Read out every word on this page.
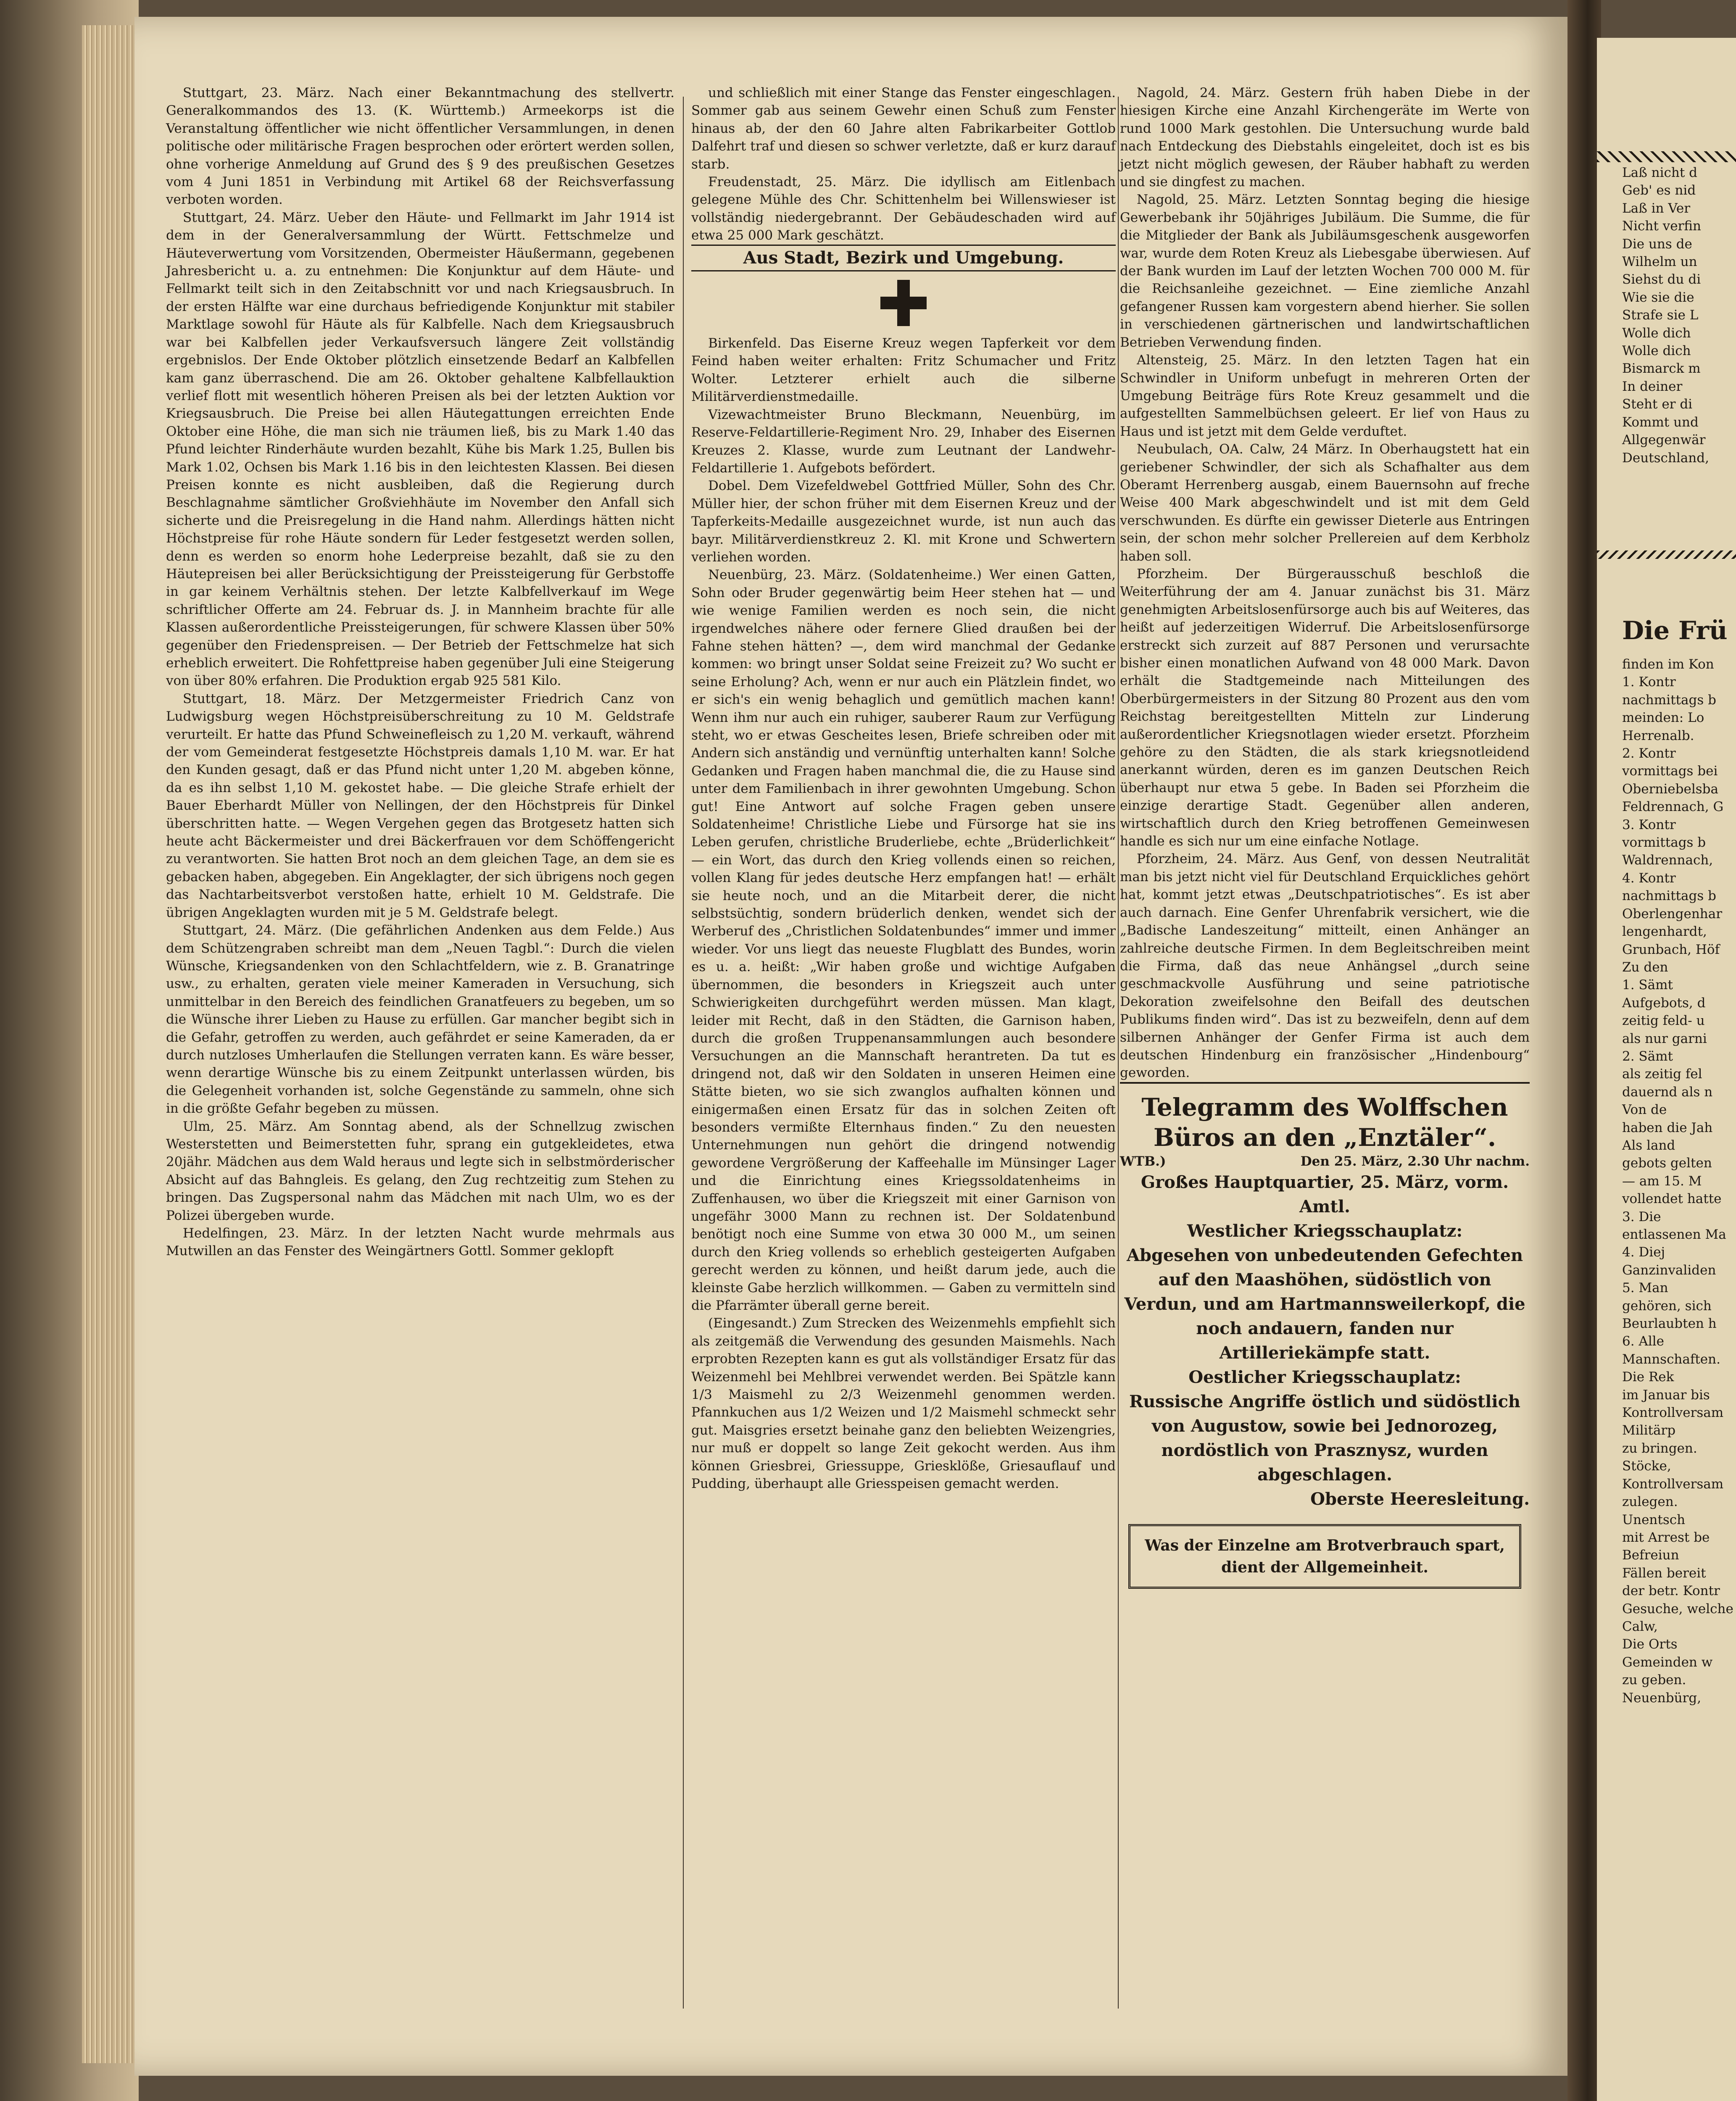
Stuttgart, 23. März. Nach einer Bekanntmachung des stellvertr. Generalkommandos des 13. (K. Württemb.) Armeekorps ist die Veranstaltung öffentlicher wie nicht öffentlicher Versammlungen, in denen politische oder militärische Fragen besprochen oder erörtert werden sollen, ohne vorherige Anmeldung auf Grund des § 9 des preußischen Gesetzes vom 4 Juni 1851 in Verbindung mit Artikel 68 der Reichsverfassung verboten worden.

Stuttgart, 24. März. Ueber den Häute- und Fellmarkt im Jahr 1914 ist dem in der Generalversammlung der Württ. Fettschmelze und Häuteverwertung vom Vorsitzenden, Obermeister Häußermann, gegebenen Jahresbericht u. a. zu entnehmen: Die Konjunktur auf dem Häute- und Fellmarkt teilt sich in den Zeitabschnitt vor und nach Kriegsausbruch. In der ersten Hälfte war eine durchaus befriedigende Konjunktur mit stabiler Marktlage sowohl für Häute als für Kalbfelle. Nach dem Kriegsausbruch war bei Kalbfellen jeder Verkaufsversuch längere Zeit vollständig ergebnislos. Der Ende Oktober plötzlich einsetzende Bedarf an Kalbfellen kam ganz überraschend. Die am 26. Oktober gehaltene Kalbfellauktion verlief flott mit wesentlich höheren Preisen als bei der letzten Auktion vor Kriegsausbruch. Die Preise bei allen Häutegattungen erreichten Ende Oktober eine Höhe, die man sich nie träumen ließ, bis zu Mark 1.40 das Pfund leichter Rinderhäute wurden bezahlt, Kühe bis Mark 1.25, Bullen bis Mark 1.02, Ochsen bis Mark 1.16 bis in den leichtesten Klassen. Bei diesen Preisen konnte es nicht ausbleiben, daß die Regierung durch Beschlagnahme sämtlicher Großviehhäute im November den Anfall sich sicherte und die Preisregelung in die Hand nahm. Allerdings hätten nicht Höchstpreise für rohe Häute sondern für Leder festgesetzt werden sollen, denn es werden so enorm hohe Lederpreise bezahlt, daß sie zu den Häutepreisen bei aller Berücksichtigung der Preissteigerung für Gerbstoffe in gar keinem Verhältnis stehen. Der letzte Kalbfellverkauf im Wege schriftlicher Offerte am 24. Februar ds. J. in Mannheim brachte für alle Klassen außerordentliche Preissteigerungen, für schwere Klassen über 50% gegenüber den Friedenspreisen. — Der Betrieb der Fettschmelze hat sich erheblich erweitert. Die Rohfettpreise haben gegenüber Juli eine Steigerung von über 80% erfahren. Die Produktion ergab 925 581 Kilo.

Stuttgart, 18. März. Der Metzgermeister Friedrich Canz von Ludwigsburg wegen Höchstpreisüberschreitung zu 10 M. Geldstrafe verurteilt. Er hatte das Pfund Schweinefleisch zu 1,20 M. verkauft, während der vom Gemeinderat festgesetzte Höchstpreis damals 1,10 M. war. Er hat den Kunden gesagt, daß er das Pfund nicht unter 1,20 M. abgeben könne, da es ihn selbst 1,10 M. gekostet habe. — Die gleiche Strafe erhielt der Bauer Eberhardt Müller von Nellingen, der den Höchstpreis für Dinkel überschritten hatte. — Wegen Vergehen gegen das Brotgesetz hatten sich heute acht Bäckermeister und drei Bäckerfrauen vor dem Schöffengericht zu verantworten. Sie hatten Brot noch an dem gleichen Tage, an dem sie es gebacken haben, abgegeben. Ein Angeklagter, der sich übrigens noch gegen das Nachtarbeitsverbot verstoßen hatte, erhielt 10 M. Geldstrafe. Die übrigen Angeklagten wurden mit je 5 M. Geldstrafe belegt.

Stuttgart, 24. März. (Die gefährlichen Andenken aus dem Felde.) Aus dem Schützengraben schreibt man dem „Neuen Tagbl.“: Durch die vielen Wünsche, Kriegsandenken von den Schlachtfeldern, wie z. B. Granatringe usw., zu erhalten, geraten viele meiner Kameraden in Versuchung, sich unmittelbar in den Bereich des feindlichen Granatfeuers zu begeben, um so die Wünsche ihrer Lieben zu Hause zu erfüllen. Gar mancher begibt sich in die Gefahr, getroffen zu werden, auch gefährdet er seine Kameraden, da er durch nutzloses Umherlaufen die Stellungen verraten kann. Es wäre besser, wenn derartige Wünsche bis zu einem Zeitpunkt unterlassen würden, bis die Gelegenheit vorhanden ist, solche Gegenstände zu sammeln, ohne sich in die größte Gefahr begeben zu müssen.

Ulm, 25. März. Am Sonntag abend, als der Schnellzug zwischen Westerstetten und Beimerstetten fuhr, sprang ein gutgekleidetes, etwa 20jähr. Mädchen aus dem Wald heraus und legte sich in selbstmörderischer Absicht auf das Bahngleis. Es gelang, den Zug rechtzeitig zum Stehen zu bringen. Das Zugspersonal nahm das Mädchen mit nach Ulm, wo es der Polizei übergeben wurde.

Hedelfingen, 23. März. In der letzten Nacht wurde mehrmals aus Mutwillen an das Fenster des Weingärtners Gottl. Sommer geklopft

und schließlich mit einer Stange das Fenster eingeschlagen. Sommer gab aus seinem Gewehr einen Schuß zum Fenster hinaus ab, der den 60 Jahre alten Fabrikarbeiter Gottlob Dalfehrt traf und diesen so schwer verletzte, daß er kurz darauf starb.

Freudenstadt, 25. März. Die idyllisch am Eitlenbach gelegene Mühle des Chr. Schittenhelm bei Willenswieser ist vollständig niedergebrannt. Der Gebäudeschaden wird auf etwa 25 000 Mark geschätzt.

Aus Stadt, Bezirk und Umgebung.

Birkenfeld. Das Eiserne Kreuz wegen Tapferkeit vor dem Feind haben weiter erhalten: Fritz Schumacher und Fritz Wolter. Letzterer erhielt auch die silberne Militärverdienstmedaille.

Vizewachtmeister Bruno Bleckmann, Neuenbürg, im Reserve-Feldartillerie-Regiment Nro. 29, Inhaber des Eisernen Kreuzes 2. Klasse, wurde zum Leutnant der Landwehr-Feldartillerie 1. Aufgebots befördert.

Dobel. Dem Vizefeldwebel Gottfried Müller, Sohn des Chr. Müller hier, der schon früher mit dem Eisernen Kreuz und der Tapferkeits-Medaille ausgezeichnet wurde, ist nun auch das bayr. Militärverdienstkreuz 2. Kl. mit Krone und Schwertern verliehen worden.

Neuenbürg, 23. März. (Soldatenheime.) Wer einen Gatten, Sohn oder Bruder gegenwärtig beim Heer stehen hat — und wie wenige Familien werden es noch sein, die nicht irgendwelches nähere oder fernere Glied draußen bei der Fahne stehen hätten? —, dem wird manchmal der Gedanke kommen: wo bringt unser Soldat seine Freizeit zu? Wo sucht er seine Erholung? Ach, wenn er nur auch ein Plätzlein findet, wo er sich's ein wenig behaglich und gemütlich machen kann! Wenn ihm nur auch ein ruhiger, sauberer Raum zur Verfügung steht, wo er etwas Gescheites lesen, Briefe schreiben oder mit Andern sich anständig und vernünftig unterhalten kann! Solche Gedanken und Fragen haben manchmal die, die zu Hause sind unter dem Familienbach in ihrer gewohnten Umgebung. Schon gut! Eine Antwort auf solche Fragen geben unsere Soldatenheime! Christliche Liebe und Fürsorge hat sie ins Leben gerufen, christliche Bruderliebe, echte „Brüderlichkeit“ — ein Wort, das durch den Krieg vollends einen so reichen, vollen Klang für jedes deutsche Herz empfangen hat! — erhält sie heute noch, und an die Mitarbeit derer, die nicht selbstsüchtig, sondern brüderlich denken, wendet sich der Werberuf des „Christlichen Soldatenbundes“ immer und immer wieder. Vor uns liegt das neueste Flugblatt des Bundes, worin es u. a. heißt: „Wir haben große und wichtige Aufgaben übernommen, die besonders in Kriegszeit auch unter Schwierigkeiten durchgeführt werden müssen. Man klagt, leider mit Recht, daß in den Städten, die Garnison haben, durch die großen Truppenansammlungen auch besondere Versuchungen an die Mannschaft herantreten. Da tut es dringend not, daß wir den Soldaten in unseren Heimen eine Stätte bieten, wo sie sich zwanglos aufhalten können und einigermaßen einen Ersatz für das in solchen Zeiten oft besonders vermißte Elternhaus finden.“ Zu den neuesten Unternehmungen nun gehört die dringend notwendig gewordene Vergrößerung der Kaffeehalle im Münsinger Lager und die Einrichtung eines Kriegssoldatenheims in Zuffenhausen, wo über die Kriegszeit mit einer Garnison von ungefähr 3000 Mann zu rechnen ist. Der Soldatenbund benötigt noch eine Summe von etwa 30 000 M., um seinen durch den Krieg vollends so erheblich gesteigerten Aufgaben gerecht werden zu können, und heißt darum jede, auch die kleinste Gabe herzlich willkommen. — Gaben zu vermitteln sind die Pfarrämter überall gerne bereit.

(Eingesandt.) Zum Strecken des Weizenmehls empfiehlt sich als zeitgemäß die Verwendung des gesunden Maismehls. Nach erprobten Rezepten kann es gut als vollständiger Ersatz für das Weizenmehl bei Mehlbrei verwendet werden. Bei Spätzle kann 1/3 Maismehl zu 2/3 Weizenmehl genommen werden. Pfannkuchen aus 1/2 Weizen und 1/2 Maismehl schmeckt sehr gut. Maisgries ersetzt beinahe ganz den beliebten Weizengries, nur muß er doppelt so lange Zeit gekocht werden. Aus ihm können Griesbrei, Griessuppe, Griesklöße, Griesauflauf und Pudding, überhaupt alle Griesspeisen gemacht werden.

Nagold, 24. März. Gestern früh haben Diebe in der hiesigen Kirche eine Anzahl Kirchengeräte im Werte von rund 1000 Mark gestohlen. Die Untersuchung wurde bald nach Entdeckung des Diebstahls eingeleitet, doch ist es bis jetzt nicht möglich gewesen, der Räuber habhaft zu werden und sie dingfest zu machen.

Nagold, 25. März. Letzten Sonntag beging die hiesige Gewerbebank ihr 50jähriges Jubiläum. Die Summe, die für die Mitglieder der Bank als Jubiläumsgeschenk ausgeworfen war, wurde dem Roten Kreuz als Liebesgabe überwiesen. Auf der Bank wurden im Lauf der letzten Wochen 700 000 M. für die Reichsanleihe gezeichnet. — Eine ziemliche Anzahl gefangener Russen kam vorgestern abend hierher. Sie sollen in verschiedenen gärtnerischen und landwirtschaftlichen Betrieben Verwendung finden.

Altensteig, 25. März. In den letzten Tagen hat ein Schwindler in Uniform unbefugt in mehreren Orten der Umgebung Beiträge fürs Rote Kreuz gesammelt und die aufgestellten Sammelbüchsen geleert. Er lief von Haus zu Haus und ist jetzt mit dem Gelde verduftet.

Neubulach, OA. Calw, 24 März. In Oberhaugstett hat ein geriebener Schwindler, der sich als Schafhalter aus dem Oberamt Herrenberg ausgab, einem Bauernsohn auf freche Weise 400 Mark abgeschwindelt und ist mit dem Geld verschwunden. Es dürfte ein gewisser Dieterle aus Entringen sein, der schon mehr solcher Prellereien auf dem Kerbholz haben soll.

Pforzheim. Der Bürgerausschuß beschloß die Weiterführung der am 4. Januar zunächst bis 31. März genehmigten Arbeitslosenfürsorge auch bis auf Weiteres, das heißt auf jederzeitigen Widerruf. Die Arbeitslosenfürsorge erstreckt sich zurzeit auf 887 Personen und verursachte bisher einen monatlichen Aufwand von 48 000 Mark. Davon erhält die Stadtgemeinde nach Mitteilungen des Oberbürgermeisters in der Sitzung 80 Prozent aus den vom Reichstag bereitgestellten Mitteln zur Linderung außerordentlicher Kriegsnotlagen wieder ersetzt. Pforzheim gehöre zu den Städten, die als stark kriegsnotleidend anerkannt würden, deren es im ganzen Deutschen Reich überhaupt nur etwa 5 gebe. In Baden sei Pforzheim die einzige derartige Stadt. Gegenüber allen anderen, wirtschaftlich durch den Krieg betroffenen Gemeinwesen handle es sich nur um eine einfache Notlage.

Pforzheim, 24. März. Aus Genf, von dessen Neutralität man bis jetzt nicht viel für Deutschland Erquickliches gehört hat, kommt jetzt etwas „Deutschpatriotisches“. Es ist aber auch darnach. Eine Genfer Uhrenfabrik versichert, wie die „Badische Landeszeitung“ mitteilt, einen Anhänger an zahlreiche deutsche Firmen. In dem Begleitschreiben meint die Firma, daß das neue Anhängsel „durch seine geschmackvolle Ausführung und seine patriotische Dekoration zweifelsohne den Beifall des deutschen Publikums finden wird“. Das ist zu bezweifeln, denn auf dem silbernen Anhänger der Genfer Firma ist auch dem deutschen Hindenburg ein französischer „Hindenbourg“ geworden.

Telegramm des Wolffschen Büros an den „Enztäler“.

WTB.)	Den 25. März, 2.30 Uhr nachm.

Großes Hauptquartier, 25. März, vorm. Amtl.

Westlicher Kriegsschauplatz:

Abgesehen von unbedeutenden Gefechten auf den Maashöhen, südöstlich von Verdun, und am Hartmannsweilerkopf, die noch andauern, fanden nur Artilleriekämpfe statt.

Oestlicher Kriegsschauplatz:

Russische Angriffe östlich und südöstlich von Augustow, sowie bei Jednorozeg, nordöstlich von Prasznysz, wurden abgeschlagen.

Oberste Heeresleitung.

Was der Einzelne am Brotverbrauch spart, dient der Allgemeinheit.
Laß nicht d
Geb' es nid
Laß in Ver
Nicht verfin
Die uns de
Wilhelm un
Siehst du di
Wie sie die
Strafe sie L
Wolle dich
Wolle dich
Bismarck m
In deiner
Steht er di
Kommt und
Allgegenwär
Deutschland,
Die Frü
finden im Kon
1. Kontr
nachmittags b
meinden: Lo
Herrenalb.
2. Kontr
vormittags bei
Oberniebelsba
Feldrennach, G
3. Kontr
vormittags b
Waldrennach,
4. Kontr
nachmittags b
Oberlengenhar
lengenhardt,
Grunbach, Höf
Zu den
1. Sämt
Aufgebots, d
zeitig feld- u
als nur garni
2. Sämt
als zeitig fel
dauernd als n
Von de
haben die Jah
Als land
gebots gelten
— am 15. M
vollendet hatte
3. Die
entlassenen Ma
4. Diej
Ganzinvaliden
5. Man
gehören, sich
Beurlaubten h
6. Alle
Mannschaften.
Die Rek
im Januar bis
Kontrollversam
Militärp
zu bringen.
Stöcke,
Kontrollversam
zulegen.
Unentsch
mit Arrest be
Befreiun
Fällen bereit
der betr. Kontr
Gesuche, welche
Calw,
Die Orts
Gemeinden w
zu geben.
Neuenbürg,
